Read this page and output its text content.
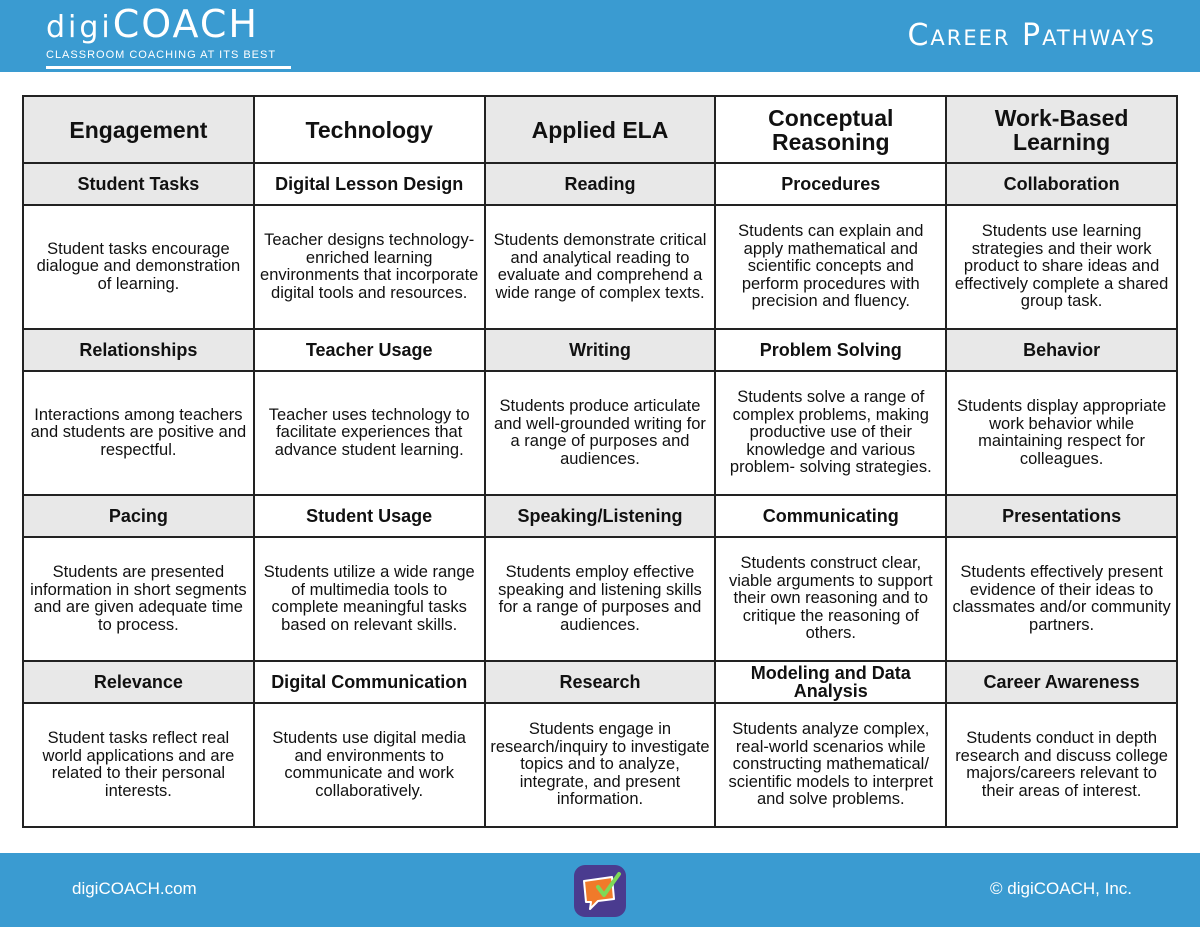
digiCOACH
CLASSROOM COACHING AT ITS BEST
Career Pathways
Engagement	Technology	Applied ELA	Conceptual Reasoning	Work-Based Learning
Student Tasks	Digital Lesson Design	Reading	Procedures	Collaboration
Student tasks encourage dialogue and demonstration of learning.	Teacher designs technology-enriched learning environments that incorporate digital tools and resources.	Students demonstrate critical and analytical reading to evaluate and comprehend a wide range of complex texts.	Students can explain and apply mathematical and scientific concepts and perform procedures with precision and fluency.	Students use learning strategies and their work product to share ideas and effectively complete a shared group task.
Relationships	Teacher Usage	Writing	Problem Solving	Behavior
Interactions among teachers and students are positive and respectful.	Teacher uses technology to facilitate experiences that advance student learning.	Students produce articulate and well-grounded writing for a range of purposes and audiences.	Students solve a range of complex problems, making productive use of their knowledge and various problem- solving strategies.	Students display appropriate work behavior while maintaining respect for colleagues.
Pacing	Student Usage	Speaking/Listening	Communicating	Presentations
Students are presented information in short segments and are given adequate time to process.	Students utilize a wide range of multimedia tools to complete meaningful tasks based on relevant skills.	Students employ effective speaking and listening skills for a range of purposes and audiences.	Students construct clear, viable arguments to support their own reasoning and to critique the reasoning of others.	Students effectively present evidence of their ideas to classmates and/or community partners.
Relevance	Digital Communication	Research	Modeling and Data Analysis	Career Awareness
Student tasks reflect real world applications and are related to their personal interests.	Students use digital media and environments to communicate and work collaboratively.	Students engage in research/inquiry to investigate topics and to analyze, integrate, and present information.	Students analyze complex, real-world scenarios while constructing mathematical/ scientific models to interpret and solve problems.	Students conduct in depth research and discuss college majors/careers relevant to their areas of interest.
digiCOACH.com	© digiCOACH, Inc.
